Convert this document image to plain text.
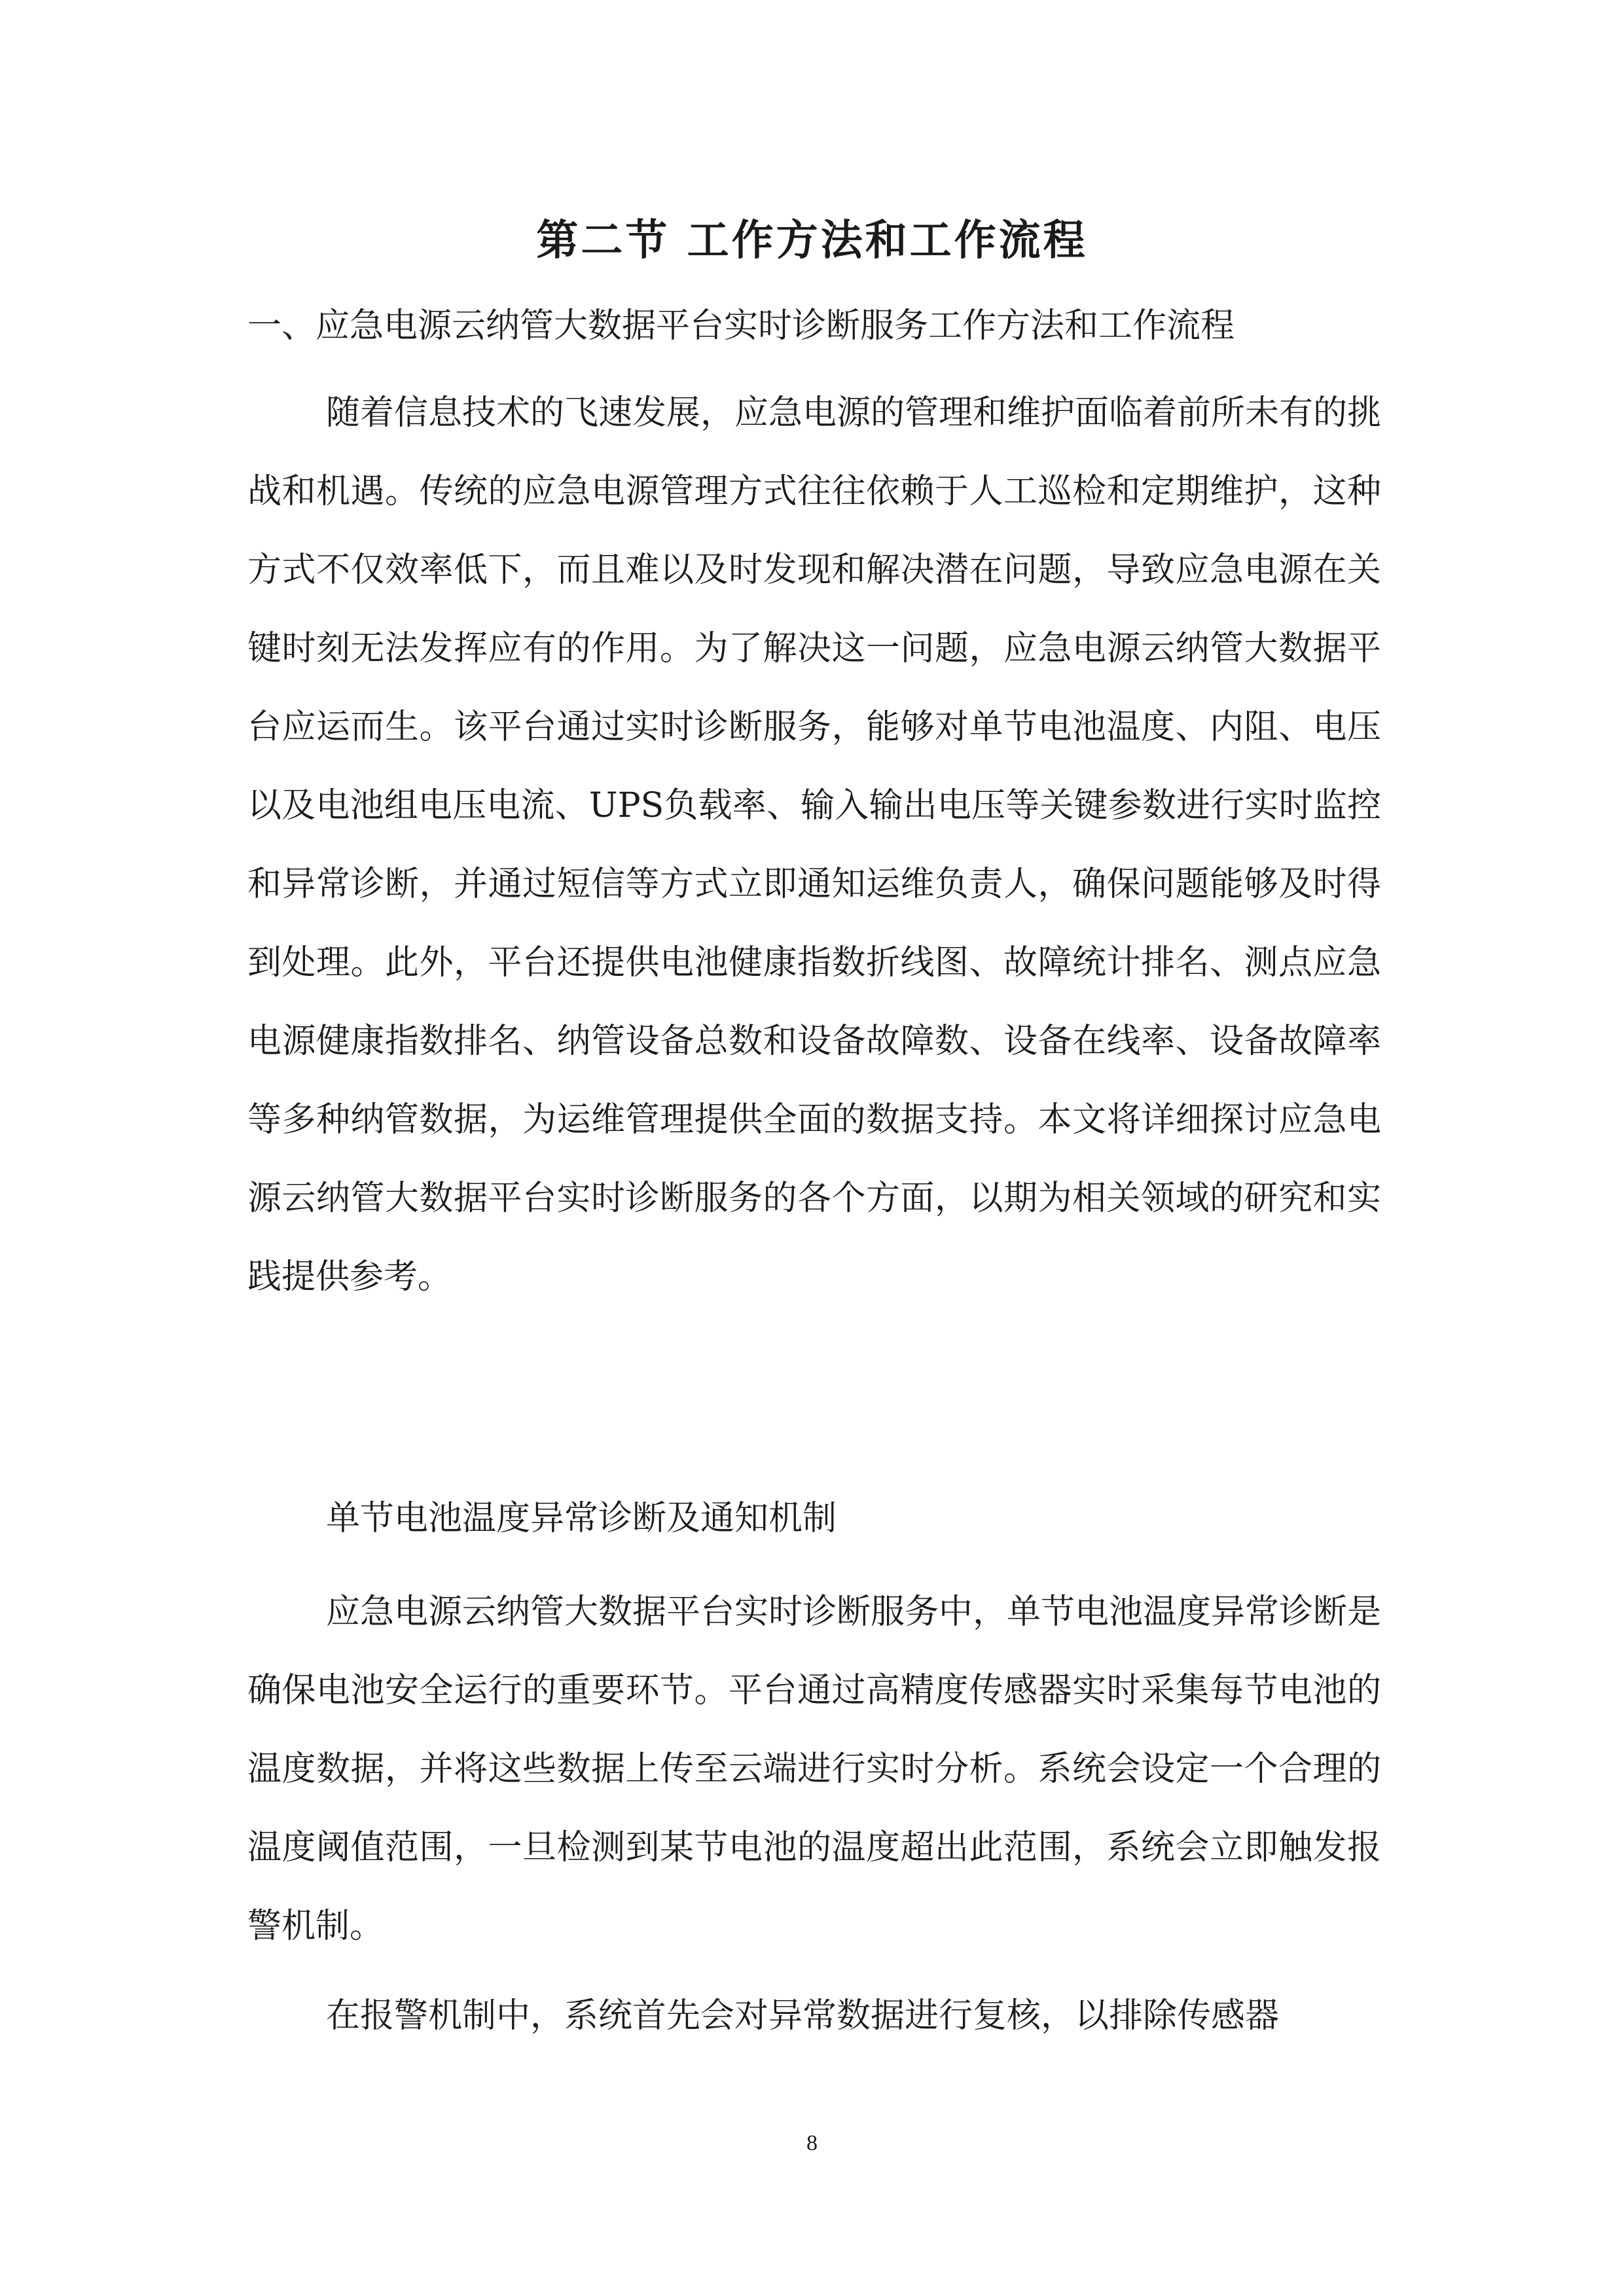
第二节 工作方法和工作流程
一、应急电源云纳管大数据平台实时诊断服务工作方法和工作流程

随着信息技术的飞速发展，应急电源的管理和维护面临着前所未有的挑战和机遇。传统的应急电源管理方式往往依赖于人工巡检和定期维护，这种方式不仅效率低下，而且难以及时发现和解决潜在问题，导致应急电源在关键时刻无法发挥应有的作用。为了解决这一问题，应急电源云纳管大数据平台应运而生。该平台通过实时诊断服务，能够对单节电池温度、内阻、电压以及电池组电压电流、UPS负载率、输入输出电压等关键参数进行实时监控和异常诊断，并通过短信等方式立即通知运维负责人，确保问题能够及时得到处理。此外，平台还提供电池健康指数折线图、故障统计排名、测点应急电源健康指数排名、纳管设备总数和设备故障数、设备在线率、设备故障率等多种纳管数据，为运维管理提供全面的数据支持。本文将详细探讨应急电源云纳管大数据平台实时诊断服务的各个方面，以期为相关领域的研究和实践提供参考。

单节电池温度异常诊断及通知机制

应急电源云纳管大数据平台实时诊断服务中，单节电池温度异常诊断是确保电池安全运行的重要环节。平台通过高精度传感器实时采集每节电池的温度数据，并将这些数据上传至云端进行实时分析。系统会设定一个合理的温度阈值范围，一旦检测到某节电池的温度超出此范围，系统会立即触发报警机制。

在报警机制中，系统首先会对异常数据进行复核，以排除传感器

8
